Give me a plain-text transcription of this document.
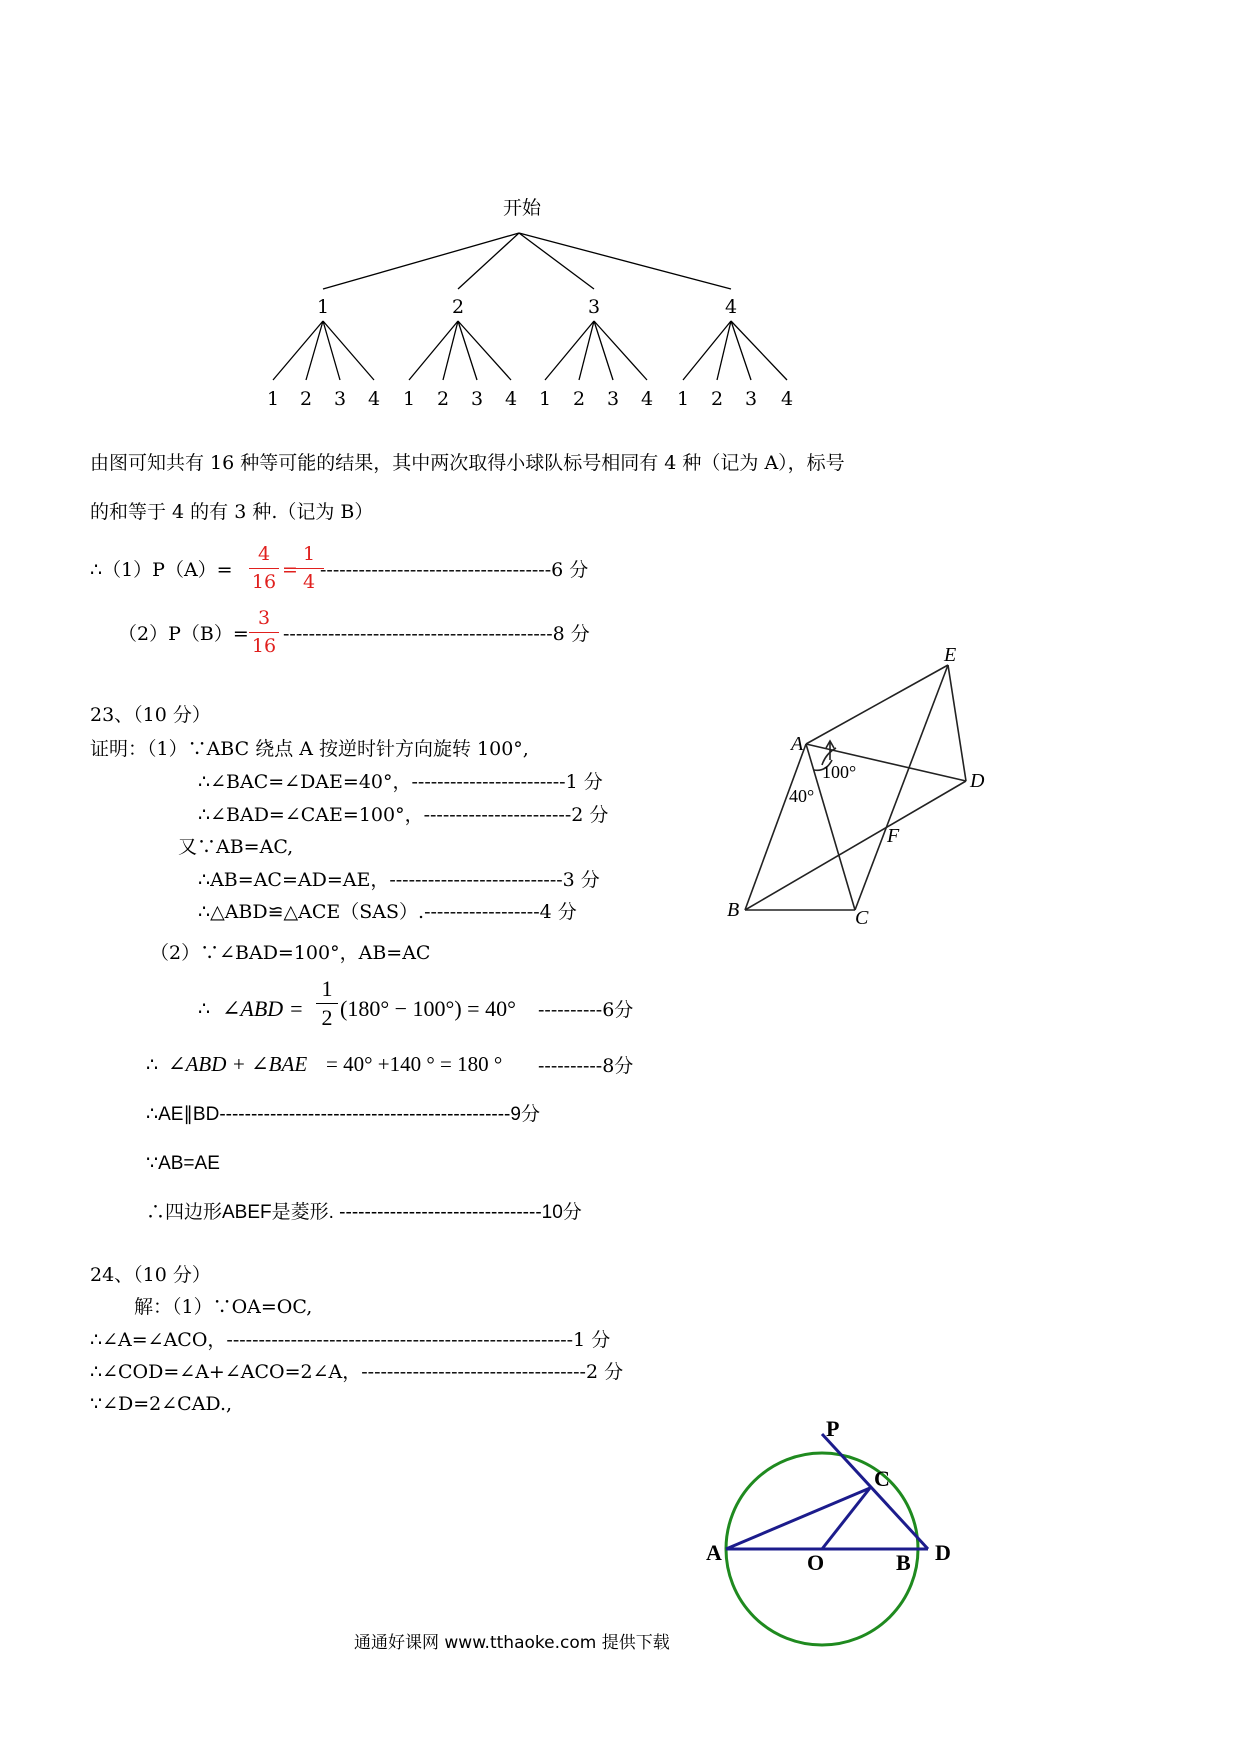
开始
1	2	3	4
1 2 3 4 1 2 3 4 1 2 3 4 1 2 3 4
由图可知共有 16 种等可能的结果，其中两次取得小球队标号相同有 4 种（记为 A），标号
的和等于 4 的有 3 种.（记为 B）
∴（1）P（A）=
4
16
=
1
4
------------------------------------6 分
（2）P（B）=
3
16
------------------------------------------8 分
23、（10 分）
证明：（1）∵ABC 绕点 A 按逆时针方向旋转 100°,
∴∠BAC=∠DAE=40°，------------------------1 分
∴∠BAD=∠CAE=100°，-----------------------2 分
又∵AB=AC,
∴AB=AC=AD=AE，---------------------------3 分
∴△ABD≌△ACE（SAS）.------------------4 分
（2）∵∠BAD=100°，AB=AC
∴ ∠ABD =
1
2 (180° − 100°) = 40° ----------6分
∴ ∠ABD + ∠BAE = 40° +140 ° = 180 ° ----------8分
∴AE∥BD----------------------------------------------9分
∵AB=AE
∴四边形ABEF是菱形. --------------------------------10分
E
A
D
F
B	C
100°
40°
24、（10 分）
解：（1）∵OA=OC,
∴∠A=∠ACO，------------------------------------------------------1 分
∴∠COD=∠A+∠ACO=2∠A，-----------------------------------2 分
∵∠D=2∠CAD.,
P
C
A	O	B D
通通好课网 www.tthaoke.com 提供下载
